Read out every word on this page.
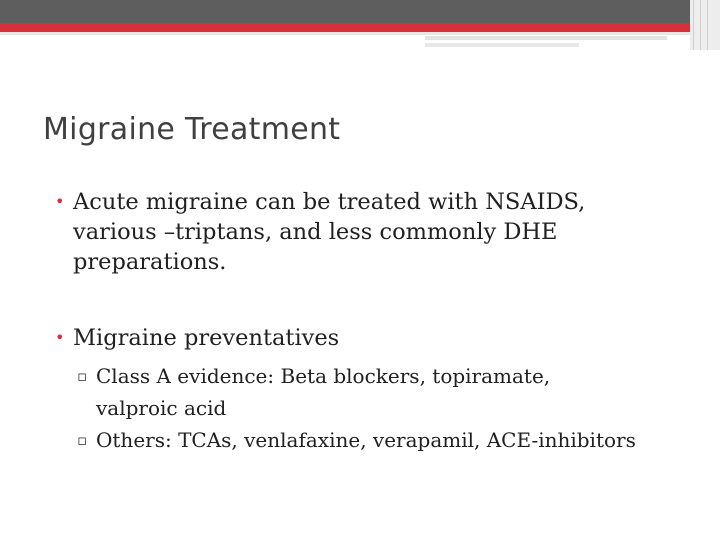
Migraine Treatment
• Acute migraine can be treated with NSAIDS, various –triptans, and less commonly DHE preparations.
• Migraine preventatives
▫ Class A evidence: Beta blockers, topiramate, valproic acid
▫ Others: TCAs, venlafaxine, verapamil, ACE-inhibitors
